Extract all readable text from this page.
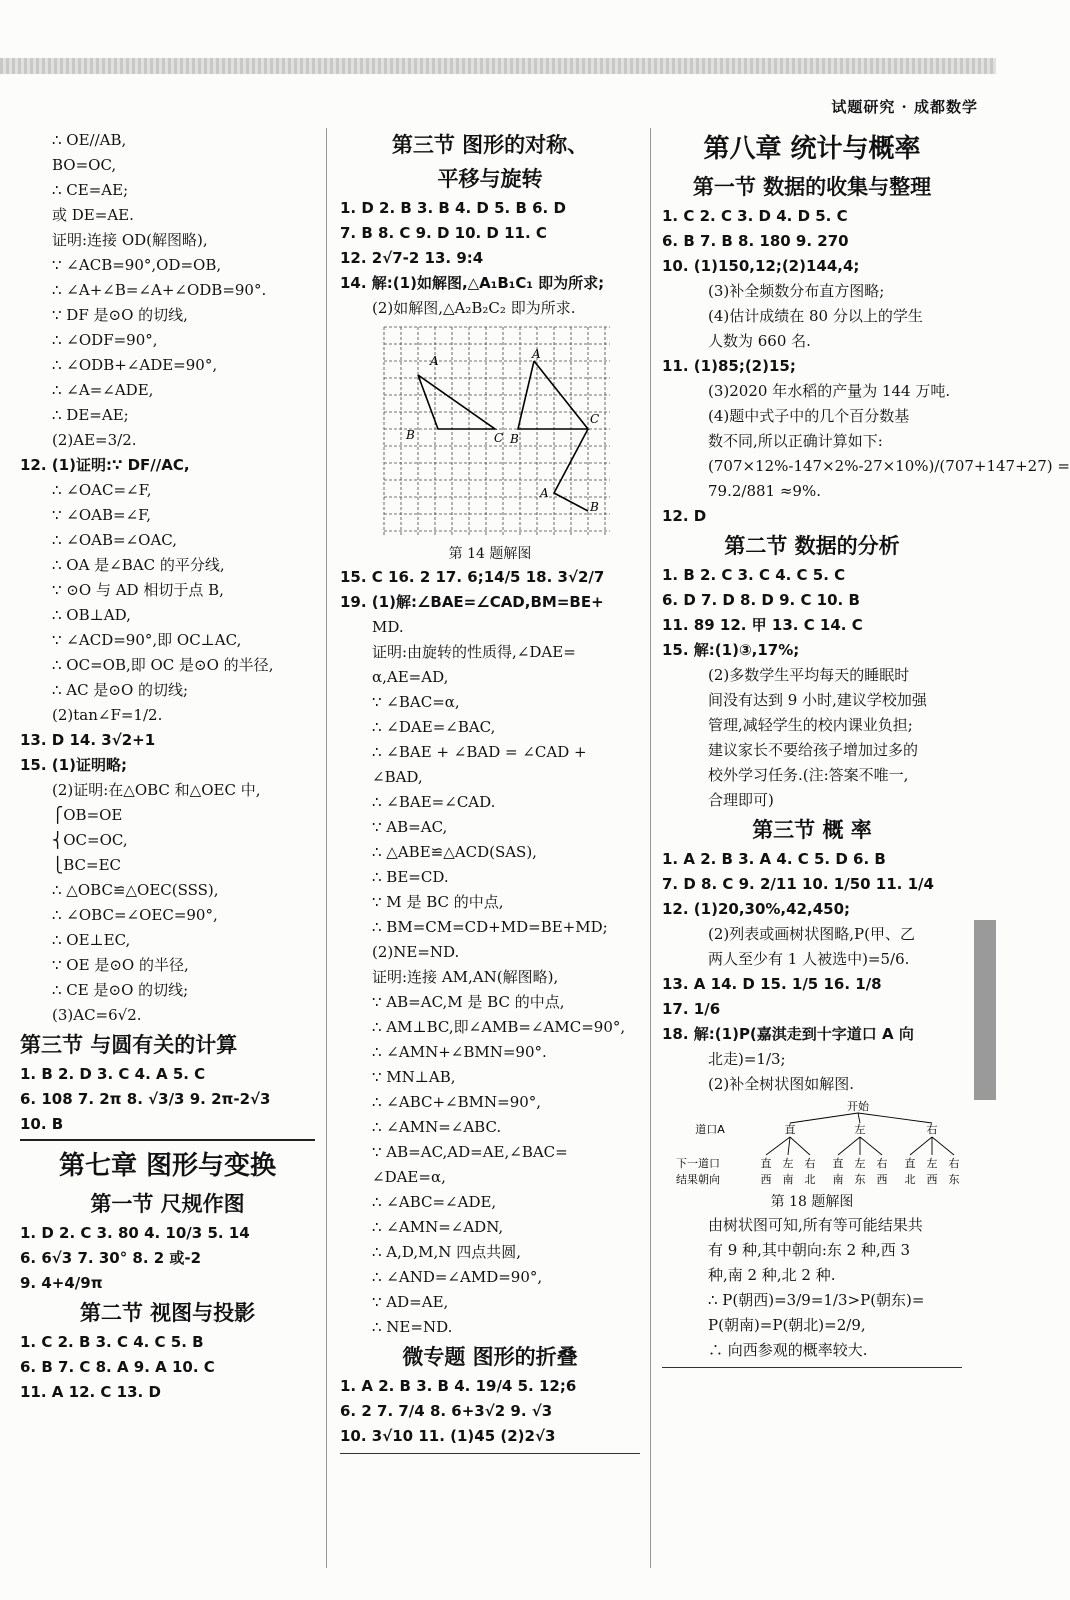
试题研究 · 成都数学
∴ OE//AB,
BO=OC,
∴ CE=AE;
或 DE=AE.
证明:连接 OD(解图略),
∵ ∠ACB=90°,OD=OB,
∴ ∠A+∠B=∠A+∠ODB=90°.
∵ DF 是⊙O 的切线,
∴ ∠ODF=90°,
∴ ∠ODB+∠ADE=90°,
∴ ∠A=∠ADE,
∴ DE=AE;
(2)AE=3/2.
12. (1)证明:∵ DF//AC,
∴ ∠OAC=∠F,
∵ ∠OAB=∠F,
∴ ∠OAB=∠OAC,
∴ OA 是∠BAC 的平分线,
∵ ⊙O 与 AD 相切于点 B,
∴ OB⊥AD,
∵ ∠ACD=90°,即 OC⊥AC,
∴ OC=OB,即 OC 是⊙O 的半径,
∴ AC 是⊙O 的切线;
(2)tan∠F=1/2.
13. D 14. 3√2+1
15. (1)证明略;
(2)证明:在△OBC 和△OEC 中,
⎧OB=OE
⎨OC=OC,
⎩BC=EC
∴ △OBC≌△OEC(SSS),
∴ ∠OBC=∠OEC=90°,
∴ OE⊥EC,
∵ OE 是⊙O 的半径,
∴ CE 是⊙O 的切线;
(3)AC=6√2.
第三节 与圆有关的计算
1. B 2. D 3. C 4. A 5. C
6. 108 7. 2π 8. √3/3 9. 2π-2√3
10. B
第七章 图形与变换
第一节 尺规作图
1. D 2. C 3. 80 4. 10/3 5. 14
6. 6√3 7. 30° 8. 2 或-2
9. 4+4/9π
第二节 视图与投影
1. C 2. B 3. C 4. C 5. B
6. B 7. C 8. A 9. A 10. C
11. A 12. C 13. D
第三节 图形的对称、
平移与旋转
1. D 2. B 3. B 4. D 5. B 6. D
7. B 8. C 9. D 10. D 11. C
12. 2√7-2 13. 9:4
14. 解:(1)如解图,△A₁B₁C₁ 即为所求;
(2)如解图,△A₂B₂C₂ 即为所求.
A
B	C
A
B
C
A
B
第 14 题解图
15. C 16. 2 17. 6;14/5 18. 3√2/7
19. (1)解:∠BAE=∠CAD,BM=BE+
MD.
证明:由旋转的性质得,∠DAE=
α,AE=AD,
∵ ∠BAC=α,
∴ ∠DAE=∠BAC,
∴ ∠BAE + ∠BAD = ∠CAD +
∠BAD,
∴ ∠BAE=∠CAD.
∵ AB=AC,
∴ △ABE≌△ACD(SAS),
∴ BE=CD.
∵ M 是 BC 的中点,
∴ BM=CM=CD+MD=BE+MD;
(2)NE=ND.
证明:连接 AM,AN(解图略),
∵ AB=AC,M 是 BC 的中点,
∴ AM⊥BC,即∠AMB=∠AMC=90°,
∴ ∠AMN+∠BMN=90°.
∵ MN⊥AB,
∴ ∠ABC+∠BMN=90°,
∴ ∠AMN=∠ABC.
∵ AB=AC,AD=AE,∠BAC=
∠DAE=α,
∴ ∠ABC=∠ADE,
∴ ∠AMN=∠ADN,
∴ A,D,M,N 四点共圆,
∴ ∠AND=∠AMD=90°,
∵ AD=AE,
∴ NE=ND.
微专题 图形的折叠
1. A 2. B 3. B 4. 19/4 5. 12;6
6. 2 7. 7/4 8. 6+3√2 9. √3
10. 3√10 11. (1)45 (2)2√3
第八章 统计与概率
第一节 数据的收集与整理
1. C 2. C 3. D 4. D 5. C
6. B 7. B 8. 180 9. 270
10. (1)150,12;(2)144,4;
(3)补全频数分布直方图略;
(4)估计成绩在 80 分以上的学生
人数为 660 名.
11. (1)85;(2)15;
(3)2020 年水稻的产量为 144 万吨.
(4)题中式子中的几个百分数基
数不同,所以正确计算如下:
(707×12%-147×2%-27×10%)/(707+147+27) =
79.2/881 ≈9%.
12. D
第二节 数据的分析
1. B 2. C 3. C 4. C 5. C
6. D 7. D 8. D 9. C 10. B
11. 89 12. 甲 13. C 14. C
15. 解:(1)③,17%;
(2)多数学生平均每天的睡眠时
间没有达到 9 小时,建议学校加强
管理,减轻学生的校内课业负担;
建议家长不要给孩子增加过多的
校外学习任务.(注:答案不唯一,
合理即可)
第三节 概 率
1. A 2. B 3. A 4. C 5. D 6. B
7. D 8. C 9. 2/11 10. 1/50 11. 1/4
12. (1)20,30%,42,450;
(2)列表或画树状图略,P(甲、乙
两人至少有 1 人被选中)=5/6.
13. A 14. D 15. 1/5 16. 1/8
17. 1/6
18. 解:(1)P(嘉淇走到十字道口 A 向
北走)=1/3;
(2)补全树状图如解图.
开始
道口A	直	左	右
下一道口
结果朝向
直
西
左
南
右
北
直
南
左
东
右
西
直
北
左
西
右
东
第 18 题解图
由树状图可知,所有等可能结果共
有 9 种,其中朝向:东 2 种,西 3
种,南 2 种,北 2 种.
∴ P(朝西)=3/9=1/3>P(朝东)=
P(朝南)=P(朝北)=2/9,
∴ 向西参观的概率较大.
